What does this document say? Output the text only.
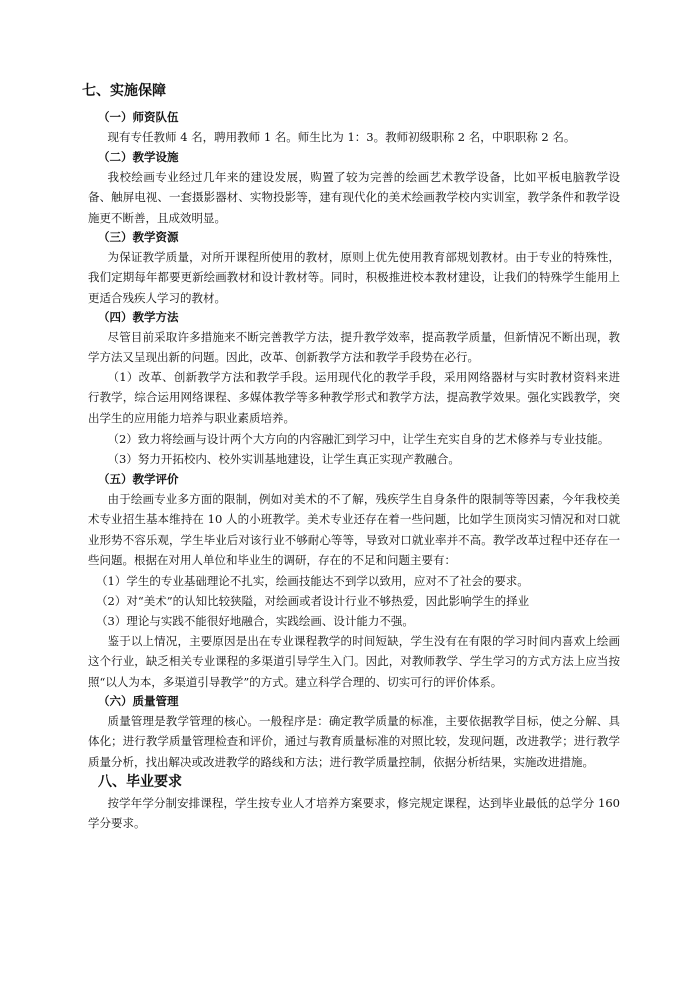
七、实施保障
（一）师资队伍
现有专任教师 4 名，聘用教师 1 名。师生比为 1：3。教师初级职称 2 名，中职职称 2 名。
（二）教学设施
我校绘画专业经过几年来的建设发展，购置了较为完善的绘画艺术教学设备，比如平板电脑教学设备、触屏电视、一套摄影器材、实物投影等，建有现代化的美术绘画教学校内实训室，教学条件和教学设施更不断善，且成效明显。
（三）教学资源
为保证教学质量，对所开课程所使用的教材，原则上优先使用教育部规划教材。由于专业的特殊性，我们定期每年都要更新绘画教材和设计教材等。同时，积极推进校本教材建设，让我们的特殊学生能用上更适合残疾人学习的教材。
（四）教学方法
尽管目前采取许多措施来不断完善教学方法，提升教学效率，提高教学质量，但新情况不断出现，教学方法又呈现出新的问题。因此，改革、创新教学方法和教学手段势在必行。
（1）改革、创新教学方法和教学手段。运用现代化的教学手段，采用网络器材与实时教材资料来进行教学，综合运用网络课程、多媒体教学等多种教学形式和教学方法，提高教学效果。强化实践教学，突出学生的应用能力培养与职业素质培养。
（2）致力将绘画与设计两个大方向的内容融汇到学习中，让学生充实自身的艺术修养与专业技能。
（3）努力开拓校内、校外实训基地建设，让学生真正实现产教融合。
（五）教学评价
由于绘画专业多方面的限制，例如对美术的不了解，残疾学生自身条件的限制等等因素，今年我校美术专业招生基本维持在 10 人的小班教学。美术专业还存在着一些问题，比如学生顶岗实习情况和对口就业形势不容乐观，学生毕业后对该行业不够耐心等等，导致对口就业率并不高。教学改革过程中还存在一些问题。根据在对用人单位和毕业生的调研，存在的不足和问题主要有：
（1）学生的专业基础理论不扎实，绘画技能达不到学以致用，应对不了社会的要求。
（2）对“美术”的认知比较狭隘，对绘画或者设计行业不够热爱，因此影响学生的择业
（3）理论与实践不能很好地融合，实践绘画、设计能力不强。
鉴于以上情况，主要原因是出在专业课程教学的时间短缺，学生没有在有限的学习时间内喜欢上绘画这个行业，缺乏相关专业课程的多渠道引导学生入门。因此，对教师教学、学生学习的方式方法上应当按照“以人为本，多渠道引导教学”的方式。建立科学合理的、切实可行的评价体系。
（六）质量管理
质量管理是教学管理的核心。一般程序是：确定教学质量的标准，主要依据教学目标，使之分解、具体化；进行教学质量管理检查和评价，通过与教育质量标准的对照比较，发现问题，改进教学；进行教学质量分析，找出解决或改进教学的路线和方法；进行教学质量控制，依据分析结果，实施改进措施。
八、毕业要求
按学年学分制安排课程，学生按专业人才培养方案要求，修完规定课程，达到毕业最低的总学分 160 学分要求。
